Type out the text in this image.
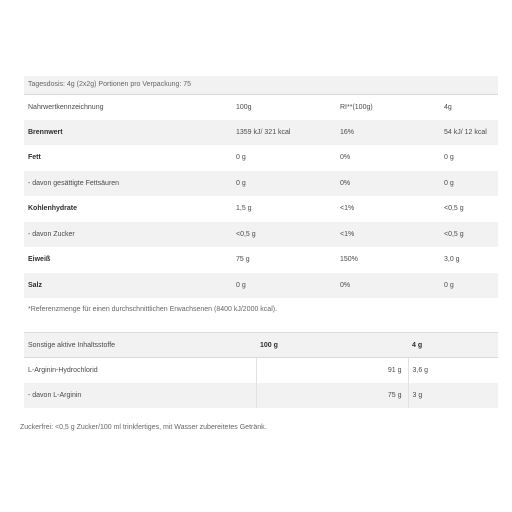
Tagesdosis: 4g (2x2g) Portionen pro Verpackung: 75			
Nahrwertkennzeichnung	100g	RI**(100g)	4g
Brennwert	1359 kJ/ 321 kcal	16%	54 kJ/ 12 kcal
Fett	0 g	0%	0 g
- davon gesättigte Fettsäuren	0 g	0%	0 g
Kohlenhydrate	1,5 g	<1%	<0,5 g
- davon Zucker	<0,5 g	<1%	<0,5 g
Eiweiß	75 g	150%	3,0 g
Salz	0 g	0%	0 g
*Referenzmenge für einen durchschnittlichen Erwachsenen (8400 kJ/2000 kcal).			
Sonstige aktive Inhaltsstoffe	100 g	4 g
L-Arginin-Hydrochlorid	91 g	3,6 g
- davon L-Arginin	75 g	3 g
Zuckerfrei: <0,5 g Zucker/100 ml trinkfertiges, mit Wasser zubereitetes Getränk.
